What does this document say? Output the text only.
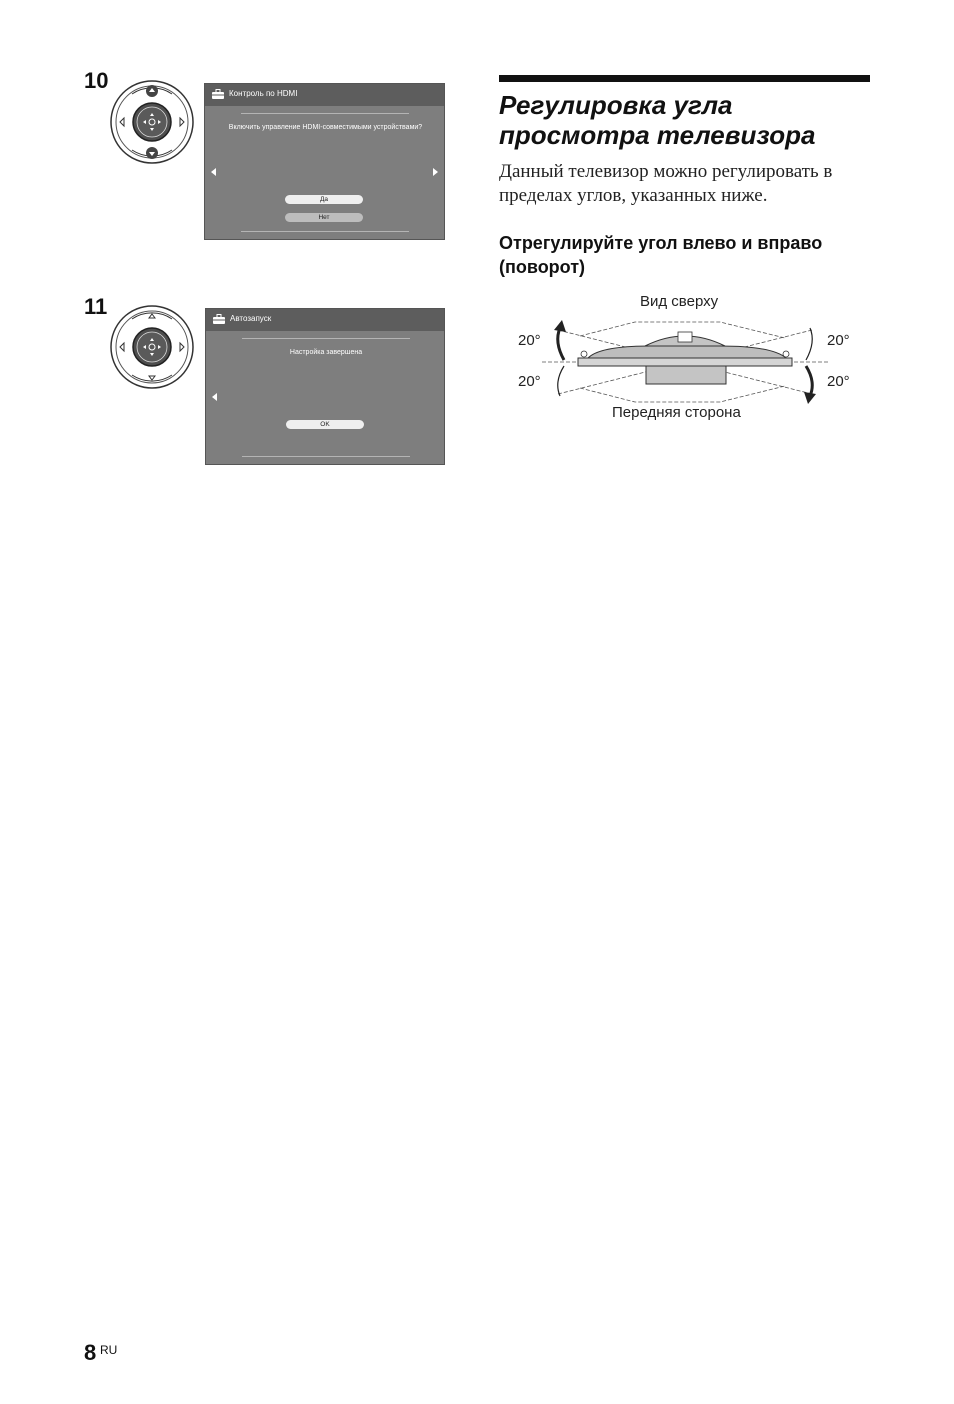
10
Контроль по HDMI
Включить управление HDMI-совместимыми устройствами?
Да
Нет
11	Автозапуск
Настройка завершена
OK
Регулировка угла просмотра телевизора
Данный телевизор можно регулировать в пределах углов, указанных ниже.
Отрегулируйте угол влево и вправо (поворот)
Вид сверху
20°
20°
20°
20°
Передняя сторона
8 RU
